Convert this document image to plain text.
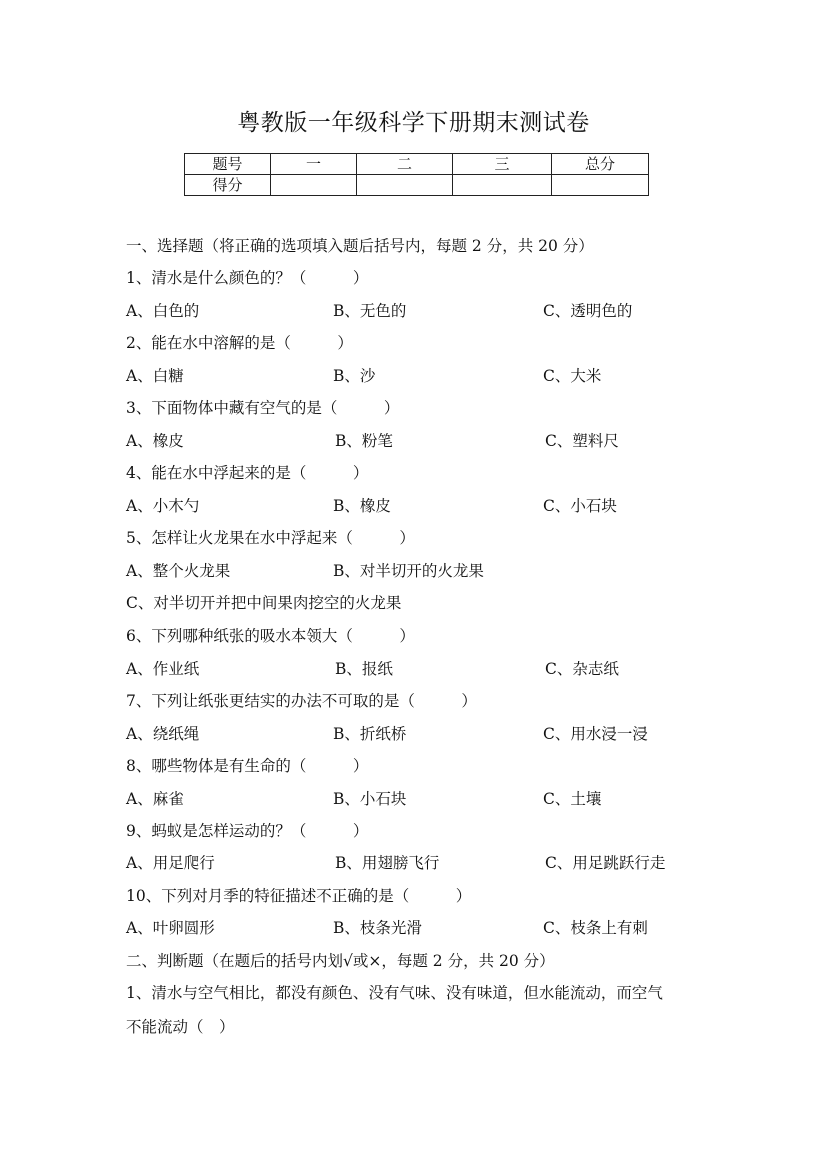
粤教版一年级科学下册期末测试卷
题号	一	二	三	总分
得分				
一、选择题（将正确的选项填入题后括号内，每题 2 分，共 20 分）
1、清水是什么颜色的？（　　　）
A、白色的	B、无色的	C、透明色的
2、能在水中溶解的是（　　　）
A、白糖	B、沙	C、大米
3、下面物体中藏有空气的是（　　　）
A、橡皮	B、粉笔	C、塑料尺
4、能在水中浮起来的是（　　　）
A、小木勺	B、橡皮	C、小石块
5、怎样让火龙果在水中浮起来（　　　）
A、整个火龙果	B、对半切开的火龙果
C、对半切开并把中间果肉挖空的火龙果
6、下列哪种纸张的吸水本领大（　　　）
A、作业纸	B、报纸	C、杂志纸
7、下列让纸张更结实的办法不可取的是（　　　）
A、绕纸绳	B、折纸桥	C、用水浸一浸
8、哪些物体是有生命的（　　　）
A、麻雀	B、小石块	C、土壤
9、蚂蚁是怎样运动的？（　　　）
A、用足爬行	B、用翅膀飞行	C、用足跳跃行走
10、下列对月季的特征描述不正确的是（　　　）
A、叶卵圆形	B、枝条光滑	C、枝条上有刺
二、判断题（在题后的括号内划√或×，每题 2 分，共 20 分）
1、清水与空气相比，都没有颜色、没有气味、没有味道，但水能流动，而空气
不能流动（　）
